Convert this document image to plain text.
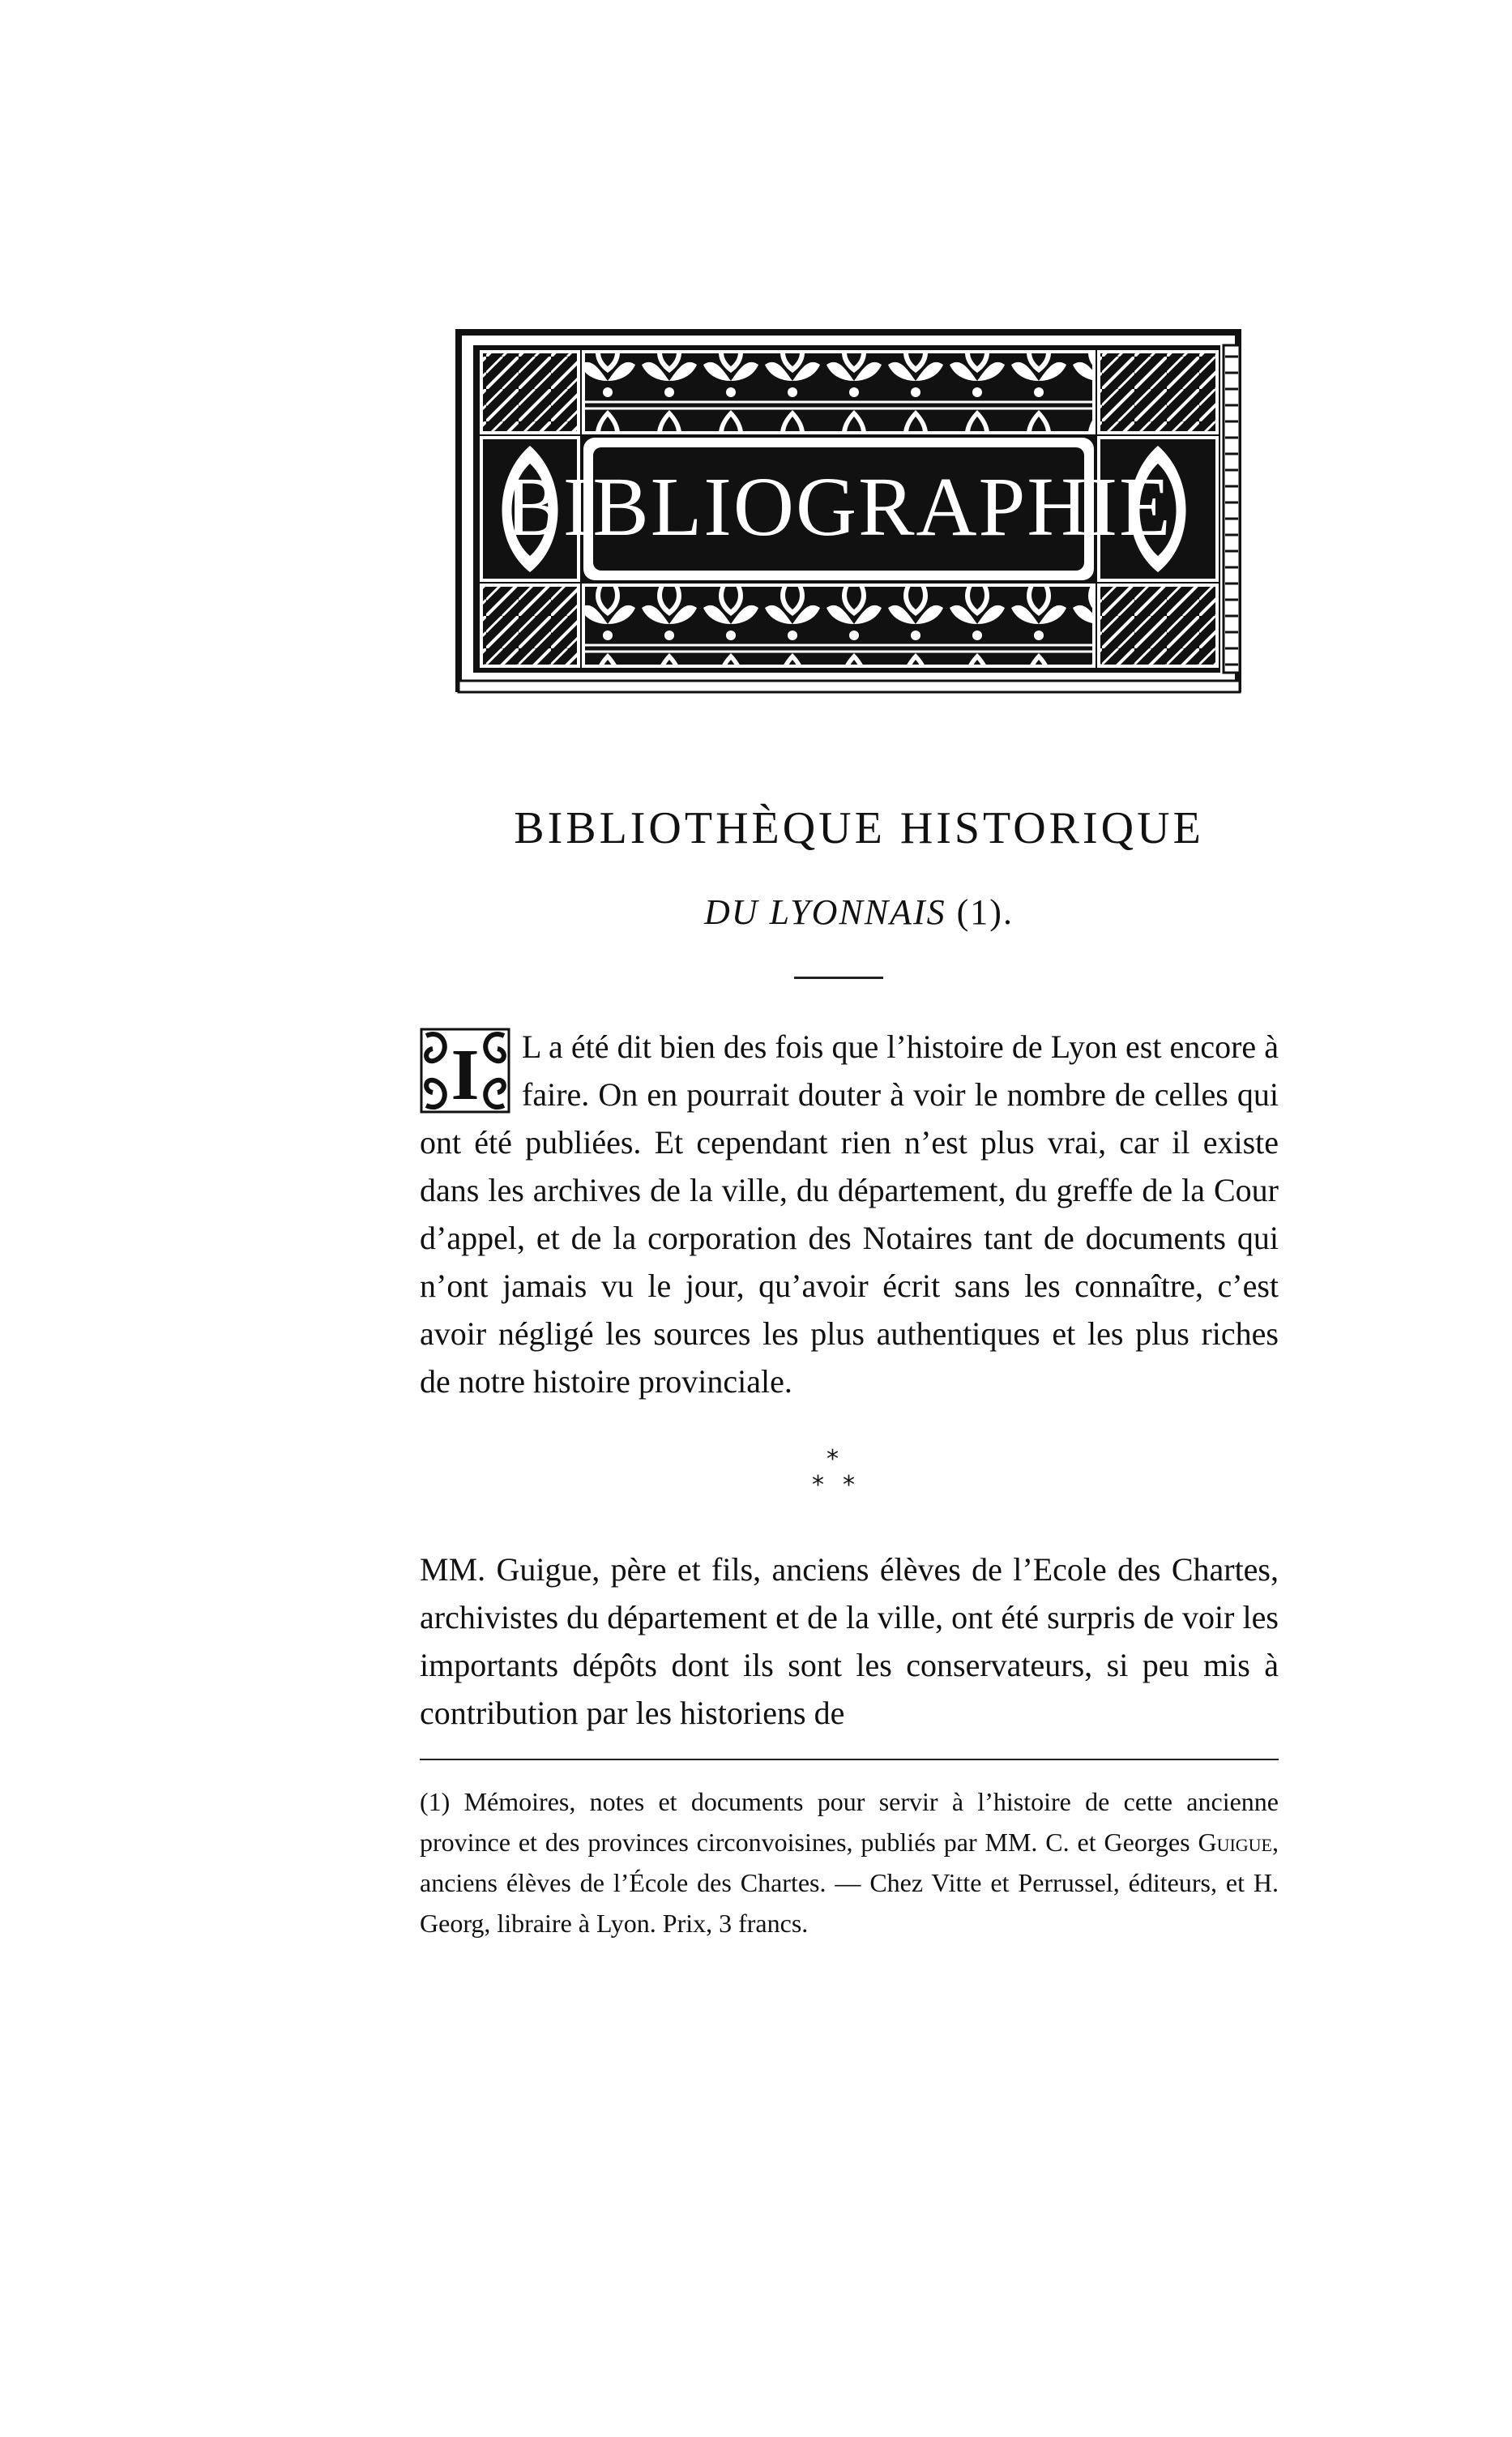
BIBLIOGRAPHIE
BIBLIOTHÈQUE HISTORIQUE
DU LYONNAIS (1).
I	L a été dit bien des fois que l’histoire de Lyon est encore à faire. On en pourrait douter à voir le nombre de celles qui ont été publiées. Et cependant rien n’est plus vrai, car il existe dans les archives de la ville, du département, du greffe de la Cour d’appel, et de la corporation des Notaires tant de documents qui n’ont jamais vu le jour, qu’avoir écrit sans les connaître, c’est avoir négligé les sources les plus authentiques et les plus riches de notre histoire provinciale.

*
* *

MM. Guigue, père et fils, anciens élèves de l’Ecole des Chartes, archivistes du département et de la ville, ont été surpris de voir les importants dépôts dont ils sont les conservateurs, si peu mis à contribution par les historiens de

(1) Mémoires, notes et documents pour servir à l’histoire de cette ancienne province et des provinces circonvoisines, publiés par MM. C. et Georges Guigue, anciens élèves de l’École des Chartes. — Chez Vitte et Perrussel, éditeurs, et H. Georg, libraire à Lyon. Prix, 3 francs.
